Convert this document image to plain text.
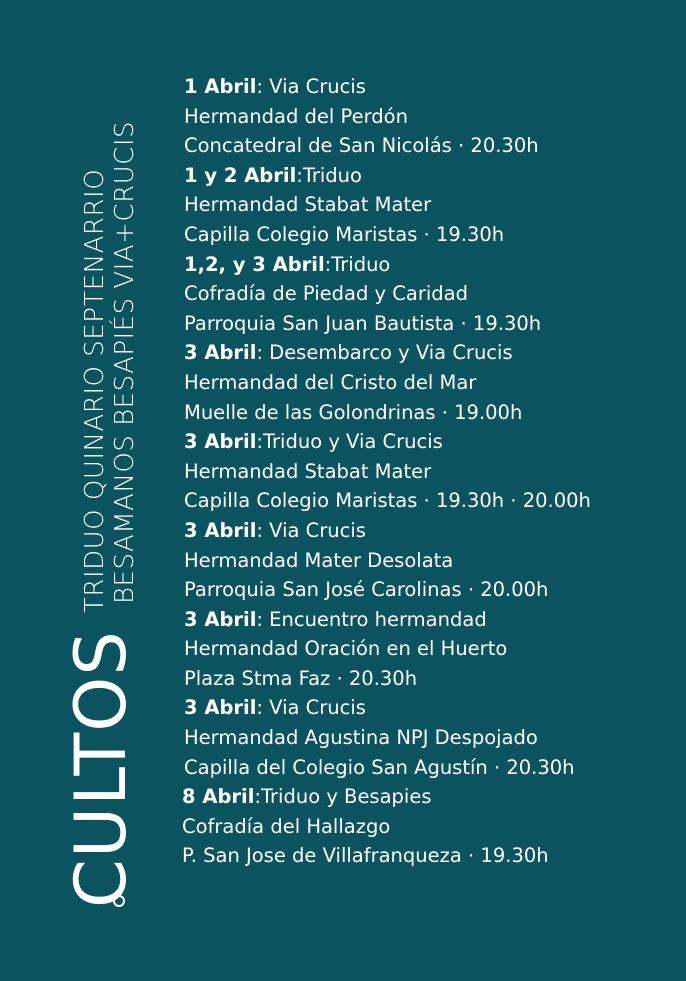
CULTOS
TRIDUO QUINARIO SEPTENARRIO BESAMANOS BESAPIÉS VIA+CRUCIS
1 Abril: Via Crucis
Hermandad del Perdón
Concatedral de San Nicolás · 20.30h
1 y 2 Abril:Triduo
Hermandad Stabat Mater
Capilla Colegio Maristas · 19.30h
1,2, y 3 Abril:Triduo
Cofradía de Piedad y Caridad
Parroquia San Juan Bautista · 19.30h
3 Abril: Desembarco y Via Crucis
Hermandad del Cristo del Mar
Muelle de las Golondrinas · 19.00h
3 Abril:Triduo y Via Crucis
Hermandad Stabat Mater
Capilla Colegio Maristas · 19.30h · 20.00h
3 Abril: Via Crucis
Hermandad Mater Desolata
Parroquia San José Carolinas · 20.00h
3 Abril: Encuentro hermandad
Hermandad Oración en el Huerto
Plaza Stma Faz · 20.30h
3 Abril: Via Crucis
Hermandad Agustina NPJ Despojado
Capilla del Colegio San Agustín · 20.30h
8 Abril:Triduo y Besapies
Cofradía del Hallazgo
P. San Jose de Villafranqueza · 19.30h
